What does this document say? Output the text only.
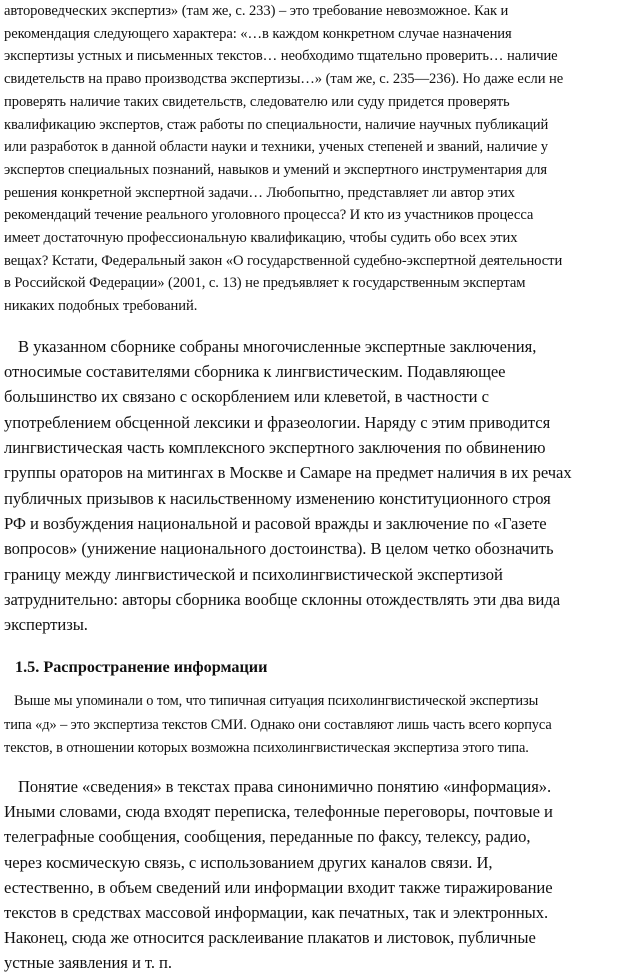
автороведческих экспертиз» (там же, с. 233) – это требование невозможное. Как и
рекомендация следующего характера: «…в каждом конкретном случае назначения
экспертизы устных и письменных текстов… необходимо тщательно проверить… наличие
свидетельств на право производства экспертизы…» (там же, с. 235—236). Но даже если не
проверять наличие таких свидетельств, следователю или суду придется проверять
квалификацию экспертов, стаж работы по специальности, наличие научных публикаций
или разработок в данной области науки и техники, ученых степеней и званий, наличие у
экспертов специальных познаний, навыков и умений и экспертного инструментария для
решения конкретной экспертной задачи… Любопытно, представляет ли автор этих
рекомендаций течение реального уголовного процесса? И кто из участников процесса
имеет достаточную профессиональную квалификацию, чтобы судить обо всех этих
вещах? Кстати, Федеральный закон «О государственной судебно-экспертной деятельности
в Российской Федерации» (2001, с. 13) не предъявляет к государственным экспертам
никаких подобных требований.

В указанном сборнике собраны многочисленные экспертные заключения,
относимые составителями сборника к лингвистическим. Подавляющее
большинство их связано с оскорблением или клеветой, в частности с
употреблением обсценной лексики и фразеологии. Наряду с этим приводится
лингвистическая часть комплексного экспертного заключения по обвинению
группы ораторов на митингах в Москве и Самаре на предмет наличия в их речах
публичных призывов к насильственному изменению конституционного строя
РФ и возбуждения национальной и расовой вражды и заключение по «Газете
вопросов» (унижение национального достоинства). В целом четко обозначить
границу между лингвистической и психолингвистической экспертизой
затруднительно: авторы сборника вообще склонны отождествлять эти два вида
экспертизы.

1.5. Распространение информации

Выше мы упоминали о том, что типичная ситуация психолингвистической экспертизы
типа «д» – это экспертиза текстов СМИ. Однако они составляют лишь часть всего корпуса
текстов, в отношении которых возможна психолингвистическая экспертиза этого типа.

Понятие «сведения» в текстах права синонимично понятию «информация».
Иными словами, сюда входят переписка, телефонные переговоры, почтовые и
телеграфные сообщения, сообщения, переданные по факсу, телексу, радио,
через космическую связь, с использованием других каналов связи. И,
естественно, в объем сведений или информации входит также тиражирование
текстов в средствах массовой информации, как печатных, так и электронных.
Наконец, сюда же относится расклеивание плакатов и листовок, публичные
устные заявления и т. п.
